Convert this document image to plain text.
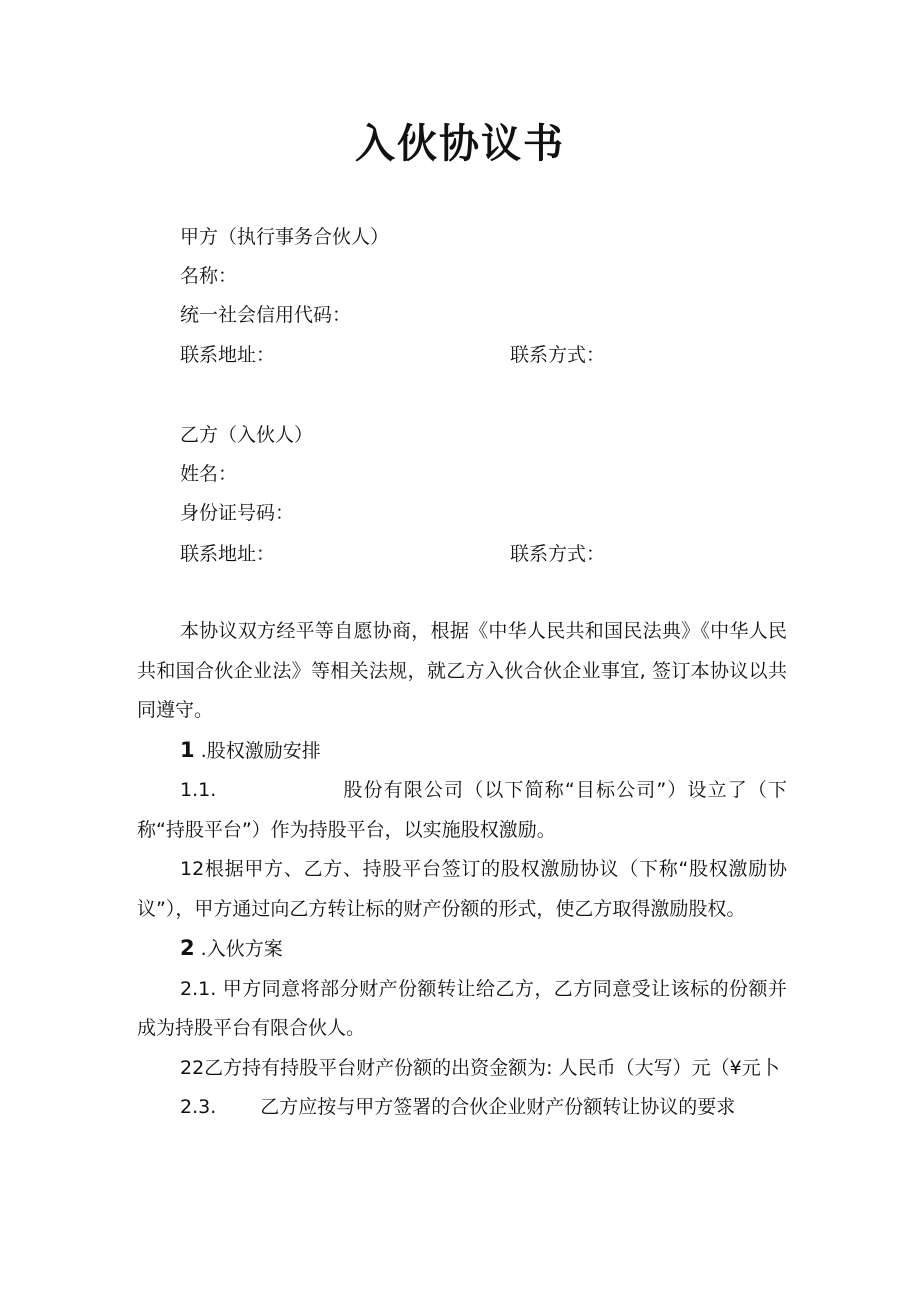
入伙协议书
甲方（执行事务合伙人）
名称：
统一社会信用代码：
联系地址：	联系方式：
乙方（入伙人）
姓名：
身份证号码：
联系地址：	联系方式：

本协议双方经平等自愿协商，根据《中华人民共和国民法典》《中华人民共和国合伙企业法》等相关法规，就乙方入伙合伙企业事宜, 签订本协议以共同遵守。

1 .股权激励安排

1.1.	股份有限公司（以下简称“目标公司”）设立了（下称“持股平台”）作为持股平台，以实施股权激励。

12根据甲方、乙方、持股平台签订的股权激励协议（下称“股权激励协议”），甲方通过向乙方转让标的财产份额的形式，使乙方取得激励股权。

2 .入伙方案

2.1. 甲方同意将部分财产份额转让给乙方，乙方同意受让该标的份额并成为持股平台有限合伙人。

22乙方持有持股平台财产份额的出资金额为: 人民币（大写）元（¥元卜

2.3. 乙方应按与甲方签署的合伙企业财产份额转让协议的要求
